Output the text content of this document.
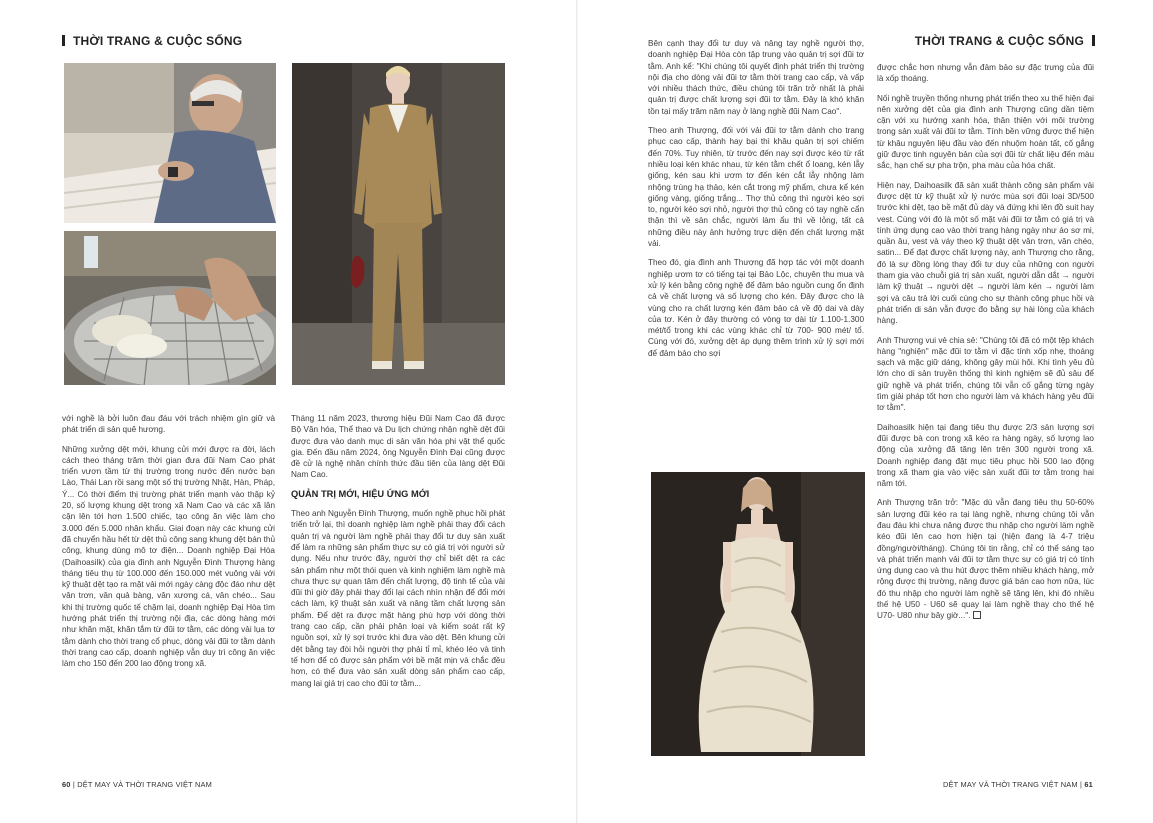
THỜI TRANG & CUỘC SỐNG	THỜI TRANG & CUỘC SỐNG

với nghề là bởi luôn đau đáu với trách nhiệm gìn giữ và phát triển di sản quê hương.

Những xưởng dệt mới, khung cửi mới được ra đời, lách cách theo tháng trăm thời gian đưa đũi Nam Cao phát triển vươn tầm từ thị trường trong nước đến nước bạn Lào, Thái Lan rồi sang một số thị trường Nhật, Hàn, Pháp, Ý... Có thời điểm thị trường phát triển mạnh vào thập kỷ 20, số lượng khung dệt trong xã Nam Cao và các xã lân cận lên tới hơn 1.500 chiếc, tạo công ăn việc làm cho 3.000 đến 5.000 nhân khẩu. Giai đoạn này các khung cửi đã chuyển hầu hết từ dệt thủ công sang khung dệt bán thủ công, khung dùng mô tơ điện... Doanh nghiệp Đại Hòa (Daihoasilk) của gia đình anh Nguyễn Đình Thượng hàng tháng tiêu thụ từ 100.000 đến 150.000 mét vuông vải với kỹ thuật dệt tạo ra mặt vải mới ngày càng độc đáo như dệt vân trơn, vân quả bàng, vân xương cá, vân chéo... Sau khi thị trường quốc tế chậm lại, doanh nghiệp Đại Hòa tìm hướng phát triển thị trường nội địa, các dòng hàng mới như khăn mặt, khăn tắm từ đũi tơ tằm, các dòng vải lụa tơ tằm dành cho thời trang cổ phục, dòng vải đũi tơ tằm dành thời trang cao cấp, doanh nghiệp vẫn duy trì công ăn việc làm cho 150 đến 200 lao động trong xã.

Tháng 11 năm 2023, thương hiệu Đũi Nam Cao đã được Bộ Văn hóa, Thể thao và Du lịch chứng nhận nghề dệt đũi được đưa vào danh mục di sản văn hóa phi vật thể quốc gia. Đến đầu năm 2024, ông Nguyễn Đình Đại cũng được đề cử là nghệ nhân chính thức đầu tiên của làng dệt Đũi Nam Cao.

QUẢN TRỊ MỚI, HIỆU ỨNG MỚI

Theo anh Nguyễn Đình Thượng, muốn nghề phục hồi phát triển trở lại, thì doanh nghiệp làm nghề phải thay đổi cách quản trị và người làm nghề phải thay đổi tư duy sản xuất để làm ra những sản phẩm thực sự có giá trị với người sử dụng. Nếu như trước đây, người thợ chỉ biết dệt ra các sản phẩm như một thói quen và kinh nghiệm làm nghề mà chưa thực sự quan tâm đến chất lượng, độ tinh tế của vải đũi thì giờ đây phải thay đổi lại cách nhìn nhận để đổi mới cách làm, kỹ thuật sản xuất và nâng tầm chất lượng sản phẩm. Để dệt ra được mặt hàng phù hợp với dòng thời trang cao cấp, cần phải phân loại và kiểm soát rất kỹ nguồn sợi, xử lý sợi trước khi đưa vào dệt. Bên khung cửi dệt bằng tay đòi hỏi người thợ phải tỉ mỉ, khéo léo và tinh tế hơn để có được sản phẩm với bề mặt mịn và chắc đều hơn, có thể đưa vào sản xuất dòng sản phẩm cao cấp, mang lại giá trị cao cho đũi tơ tằm...

Bên cạnh thay đổi tư duy và nâng tay nghề người thợ, doanh nghiệp Đại Hòa còn tập trung vào quản trị sợi đũi tơ tằm. Anh kể: "Khi chúng tôi quyết định phát triển thị trường nội địa cho dòng vải đũi tơ tằm thời trang cao cấp, và vấp với nhiều thách thức, điều chúng tôi trăn trở nhất là phải quản trị được chất lượng sợi đũi tơ tằm. Đây là khó khăn tồn tại mấy trăm năm nay ở làng nghề đũi Nam Cao".

Theo anh Thượng, đối với vải đũi tơ tằm dành cho trang phục cao cấp, thành hay bại thì khâu quản trị sợi chiếm đến 70%. Tuy nhiên, từ trước đến nay sợi được kéo từ rất nhiều loại kén khác nhau, từ kén tằm chết ổ loang, kén lẫy giống, kén sau khi ươm tơ đến kén cắt lẫy nhộng làm nhộng trùng hạ thảo, kén cắt trong mỹ phẩm, chưa kể kén giống vàng, giống trắng... Thợ thủ công thì người kéo sợi to, người kéo sợi nhỏ, người thợ thủ công có tay nghề cẩn thận thì về sản chắc, người làm ẩu thì về lỏng, tất cả những điều này ảnh hưởng trực diện đến chất lượng mặt vải.

Theo đó, gia đình anh Thượng đã hợp tác với một doanh nghiệp ươm tơ có tiếng tại tại Bảo Lộc, chuyên thu mua và xử lý kén bằng công nghệ để đảm bảo nguồn cung ổn định cả về chất lượng và số lượng cho kén. Đây được cho là vùng cho ra chất lượng kén đảm bảo cả về độ dai và dày của tơ. Kén ở đây thường có vòng tơ dài từ 1.100-1.300 mét/tổ trong khi các vùng khác chỉ từ 700- 900 mét/ tổ. Cùng với đó, xưởng dệt áp dụng thêm trình xử lý sợi mới để đảm bảo cho sợi

được chắc hơn nhưng vẫn đảm bảo sự đặc trưng của đũi là xốp thoáng.

Nối nghề truyền thống nhưng phát triển theo xu thế hiện đại nên xưởng dệt của gia đình anh Thượng cũng dần tiệm cận với xu hướng xanh hóa, thân thiện với môi trường trong sản xuất vải đũi tơ tằm. Tính bền vững được thể hiện từ khâu nguyên liệu đầu vào đến nhuộm hoàn tất, cố gắng giữ được tinh nguyên bản của sợi đũi từ chất liệu đến màu sắc, hạn chế sự pha trộn, pha màu của hóa chất.

Hiện nay, Daihoasilk đã sản xuất thành công sản phẩm vải được dệt từ kỹ thuật xử lý nước mùa sợi đũi loại 3D/500 trước khi dệt, tạo bề mặt đủ dày và đứng khi lên đồ suit hay vest. Cùng với đó là một số mặt vải đũi tơ tằm có giá trị và tính ứng dụng cao vào thời trang hàng ngày như áo sơ mi, quần âu, vest và váy theo kỹ thuật dệt vân trơn, vân chéo, satin... Để đạt được chất lượng này, anh Thượng cho rằng, đó là sự đồng lòng thay đổi tư duy của những con người tham gia vào chuỗi giá trị sản xuất, người dẫn dắt → người làm kỹ thuật → người dệt → người làm kén → người làm sợi và câu trả lời cuối cùng cho sự thành công phục hồi và phát triển di sản vẫn được đo bằng sự hài lòng của khách hàng.

Anh Thượng vui vẻ chia sẻ: "Chúng tôi đã có một tệp khách hàng "nghiện" mặc đũi tơ tằm vì đặc tính xốp nhẹ, thoáng sạch và mặc giữ dáng, không gây mùi hôi. Khi tình yêu đủ lớn cho di sản truyền thống thì kinh nghiệm sẽ đủ sâu để giữ nghề và phát triển, chúng tôi vẫn cố gắng từng ngày tìm giải pháp tốt hơn cho người làm và khách hàng yêu đũi tơ tằm".

Daihoasilk hiện tại đang tiêu thụ được 2/3 sản lượng sợi đũi được bà con trong xã kéo ra hàng ngày, số lượng lao động của xưởng đã tăng lên trên 300 người trong xã. Doanh nghiệp đang đặt mục tiêu phục hồi 500 lao động trong xã tham gia vào việc sản xuất đũi tơ tằm trong hai năm tới.

Anh Thượng trăn trở: "Mặc dù vẫn đang tiêu thụ 50-60% sản lượng đũi kéo ra tại làng nghề, nhưng chúng tôi vẫn đau đáu khi chưa nâng được thu nhập cho người làm nghề kéo đũi lên cao hơn hiện tại (hiện đang là 4-7 triệu đồng/người/tháng). Chúng tôi tin rằng, chỉ có thể sáng tạo và phát triển mạnh vải đũi tơ tằm thực sự có giá trị có tính ứng dụng cao và thu hút được thêm nhiều khách hàng, mở rộng được thị trường, nâng được giá bán cao hơn nữa, lúc đó thu nhập cho người làm nghề sẽ tăng lên, khi đó nhiều thế hệ U50 - U60 sẽ quay lại làm nghề thay cho thế hệ U70- U80 như bây giờ...".

60 | DỆT MAY VÀ THỜI TRANG VIỆT NAM	DỆT MAY VÀ THỜI TRANG VIỆT NAM | 61
